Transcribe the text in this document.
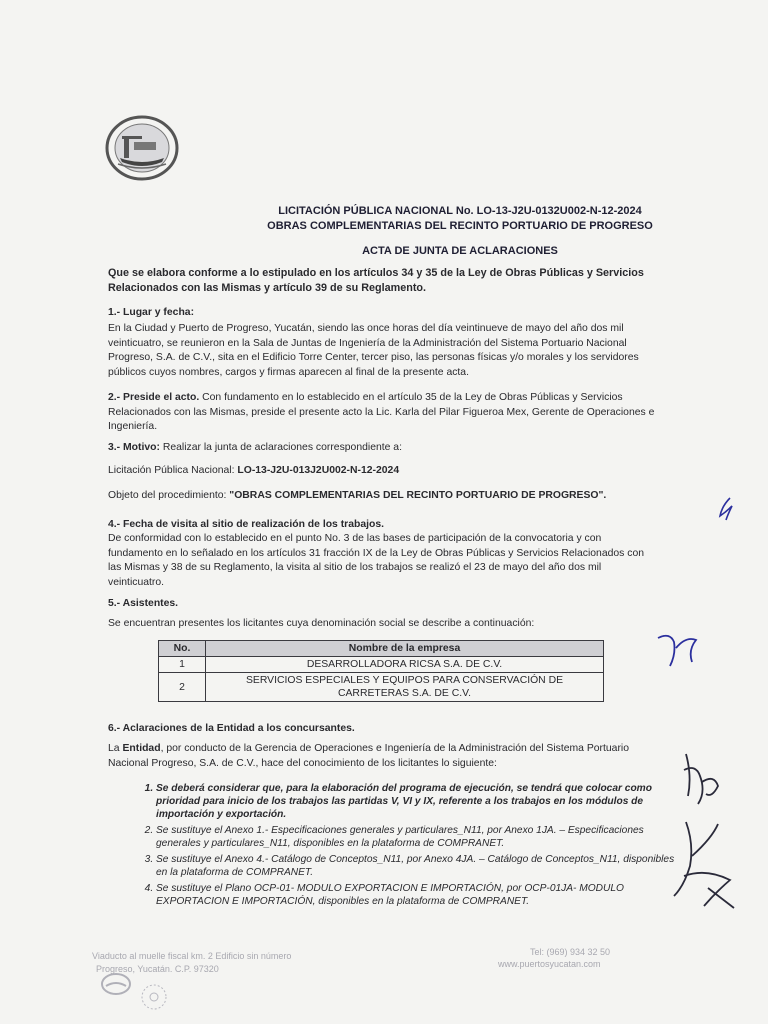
LICITACIÓN PÚBLICA NACIONAL No. LO-13-J2U-0132U002-N-12-2024
OBRAS COMPLEMENTARIAS DEL RECINTO PORTUARIO DE PROGRESO
ACTA DE JUNTA DE ACLARACIONES
Que se elabora conforme a lo estipulado en los artículos 34 y 35 de la Ley de Obras Públicas y Servicios Relacionados con las Mismas y artículo 39 de su Reglamento.
1.- Lugar y fecha:
En la Ciudad y Puerto de Progreso, Yucatán, siendo las once horas del día veintinueve de mayo del año dos mil veinticuatro, se reunieron en la Sala de Juntas de Ingeniería de la Administración del Sistema Portuario Nacional Progreso, S.A. de C.V., sita en el Edificio Torre Center, tercer piso, las personas físicas y/o morales y los servidores públicos cuyos nombres, cargos y firmas aparecen al final de la presente acta.
2.- Preside el acto. Con fundamento en lo establecido en el artículo 35 de la Ley de Obras Públicas y Servicios Relacionados con las Mismas, preside el presente acto la Lic. Karla del Pilar Figueroa Mex, Gerente de Operaciones e Ingeniería.
3.- Motivo: Realizar la junta de aclaraciones correspondiente a:
Licitación Pública Nacional: LO-13-J2U-013J2U002-N-12-2024
Objeto del procedimiento: "OBRAS COMPLEMENTARIAS DEL RECINTO PORTUARIO DE PROGRESO".
4.- Fecha de visita al sitio de realización de los trabajos.
De conformidad con lo establecido en el punto No. 3 de las bases de participación de la convocatoria y con fundamento en lo señalado en los artículos 31 fracción IX de la Ley de Obras Públicas y Servicios Relacionados con las Mismas y 38 de su Reglamento, la visita al sitio de los trabajos se realizó el 23 de mayo del año dos mil veinticuatro.
5.- Asistentes.
Se encuentran presentes los licitantes cuya denominación social se describe a continuación:
No.	Nombre de la empresa
1	DESARROLLADORA RICSA S.A. DE C.V.
2	SERVICIOS ESPECIALES Y EQUIPOS PARA CONSERVACIÓN DE CARRETERAS S.A. DE C.V.
6.- Aclaraciones de la Entidad a los concursantes.
La Entidad, por conducto de la Gerencia de Operaciones e Ingeniería de la Administración del Sistema Portuario Nacional Progreso, S.A. de C.V., hace del conocimiento de los licitantes lo siguiente:
1. Se deberá considerar que, para la elaboración del programa de ejecución, se tendrá que colocar como prioridad para inicio de los trabajos las partidas V, VI y IX, referente a los trabajos en los módulos de importación y exportación.
2. Se sustituye el Anexo 1.- Especificaciones generales y particulares_N11, por Anexo 1JA. – Especificaciones generales y particulares_N11, disponibles en la plataforma de COMPRANET.
3. Se sustituye el Anexo 4.- Catálogo de Conceptos_N11, por Anexo 4JA. – Catálogo de Conceptos_N11, disponibles en la plataforma de COMPRANET.
4. Se sustituye el Plano OCP-01- MODULO EXPORTACION E IMPORTACIÓN, por OCP-01JA- MODULO EXPORTACION E IMPORTACIÓN, disponibles en la plataforma de COMPRANET.
Viaducto al muelle fiscal km. 2 Edificio sin número
Progreso, Yucatán. C.P. 97320
Tel: (969) 934 32 50
www.puertosyucatan.com
